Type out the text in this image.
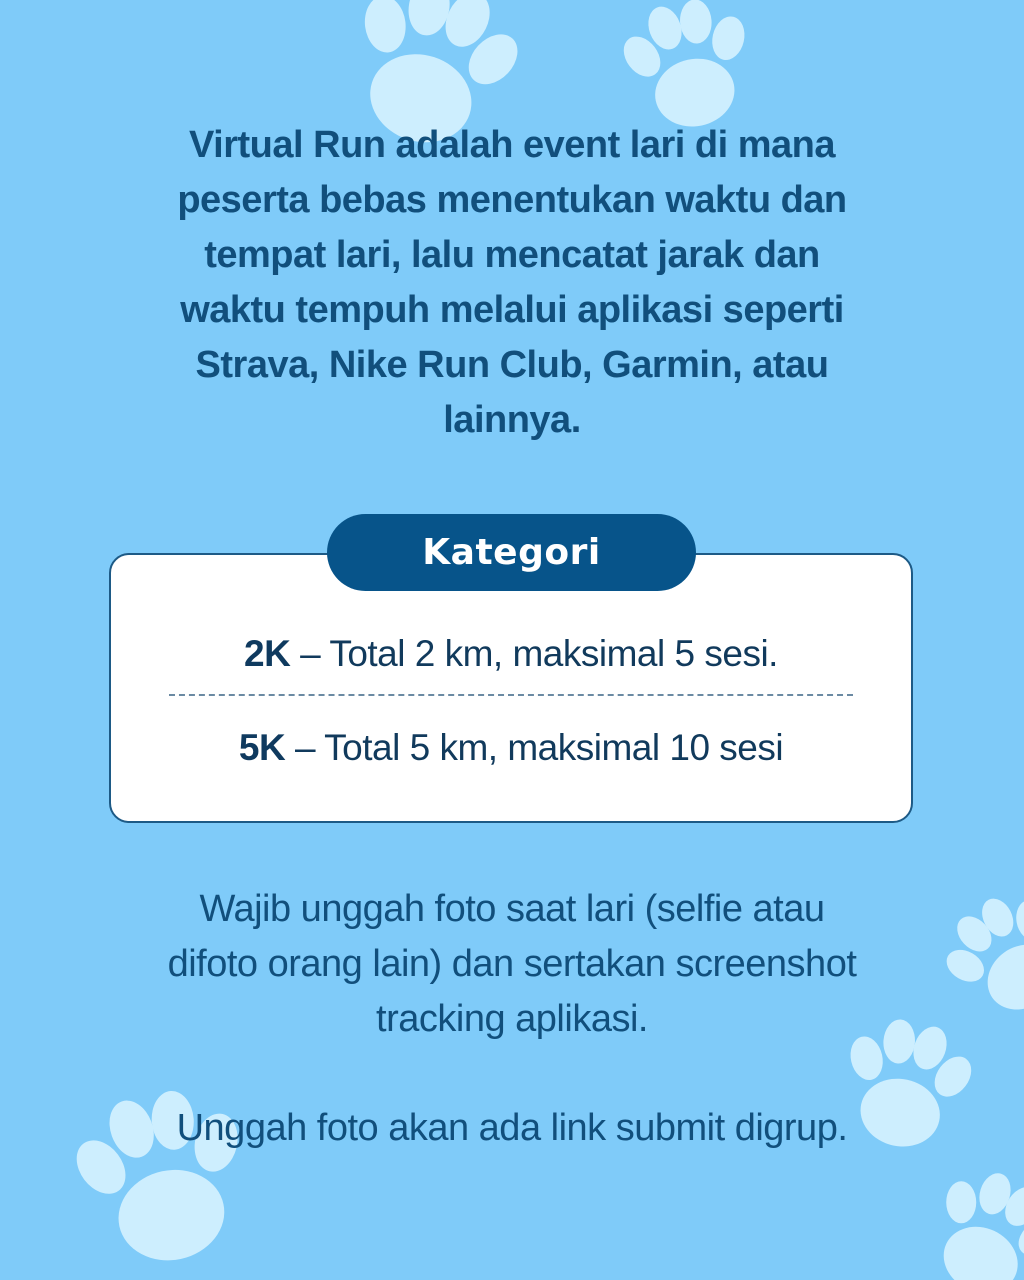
Virtual Run adalah event lari di mana
peserta bebas menentukan waktu dan
tempat lari, lalu mencatat jarak dan
waktu tempuh melalui aplikasi seperti
Strava, Nike Run Club, Garmin, atau
lainnya.

Kategori
2K – Total 2 km, maksimal 5 sesi.
5K – Total 5 km, maksimal 10 sesi

Wajib unggah foto saat lari (selfie atau
difoto orang lain) dan sertakan screenshot
tracking aplikasi.

Unggah foto akan ada link submit digrup.
